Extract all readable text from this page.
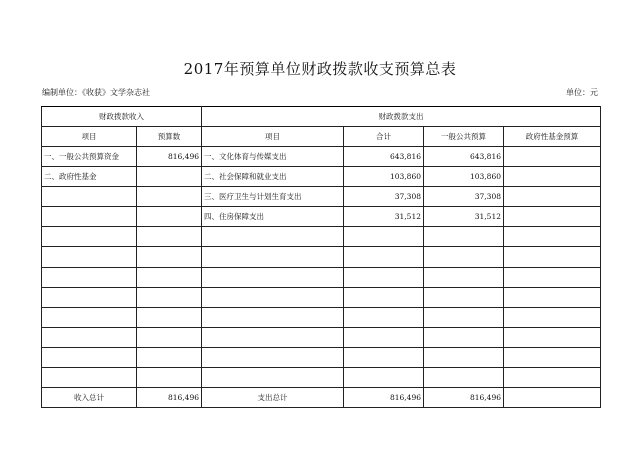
2017年预算单位财政拨款收支预算总表
编制单位：《收获》文学杂志社	单位：元
财政拨款收入		财政拨款支出			
项目	预算数	项目	合计	一般公共预算	政府性基金预算
一、一般公共预算资金	816,496	一、文化体育与传媒支出	643,816	643,816	
二、政府性基金		二、社会保障和就业支出	103,860	103,860	
		三、医疗卫生与计划生育支出	37,308	37,308	
		四、住房保障支出	31,512	31,512	

收入总计	816,496	支出总计	816,496	816,496	
